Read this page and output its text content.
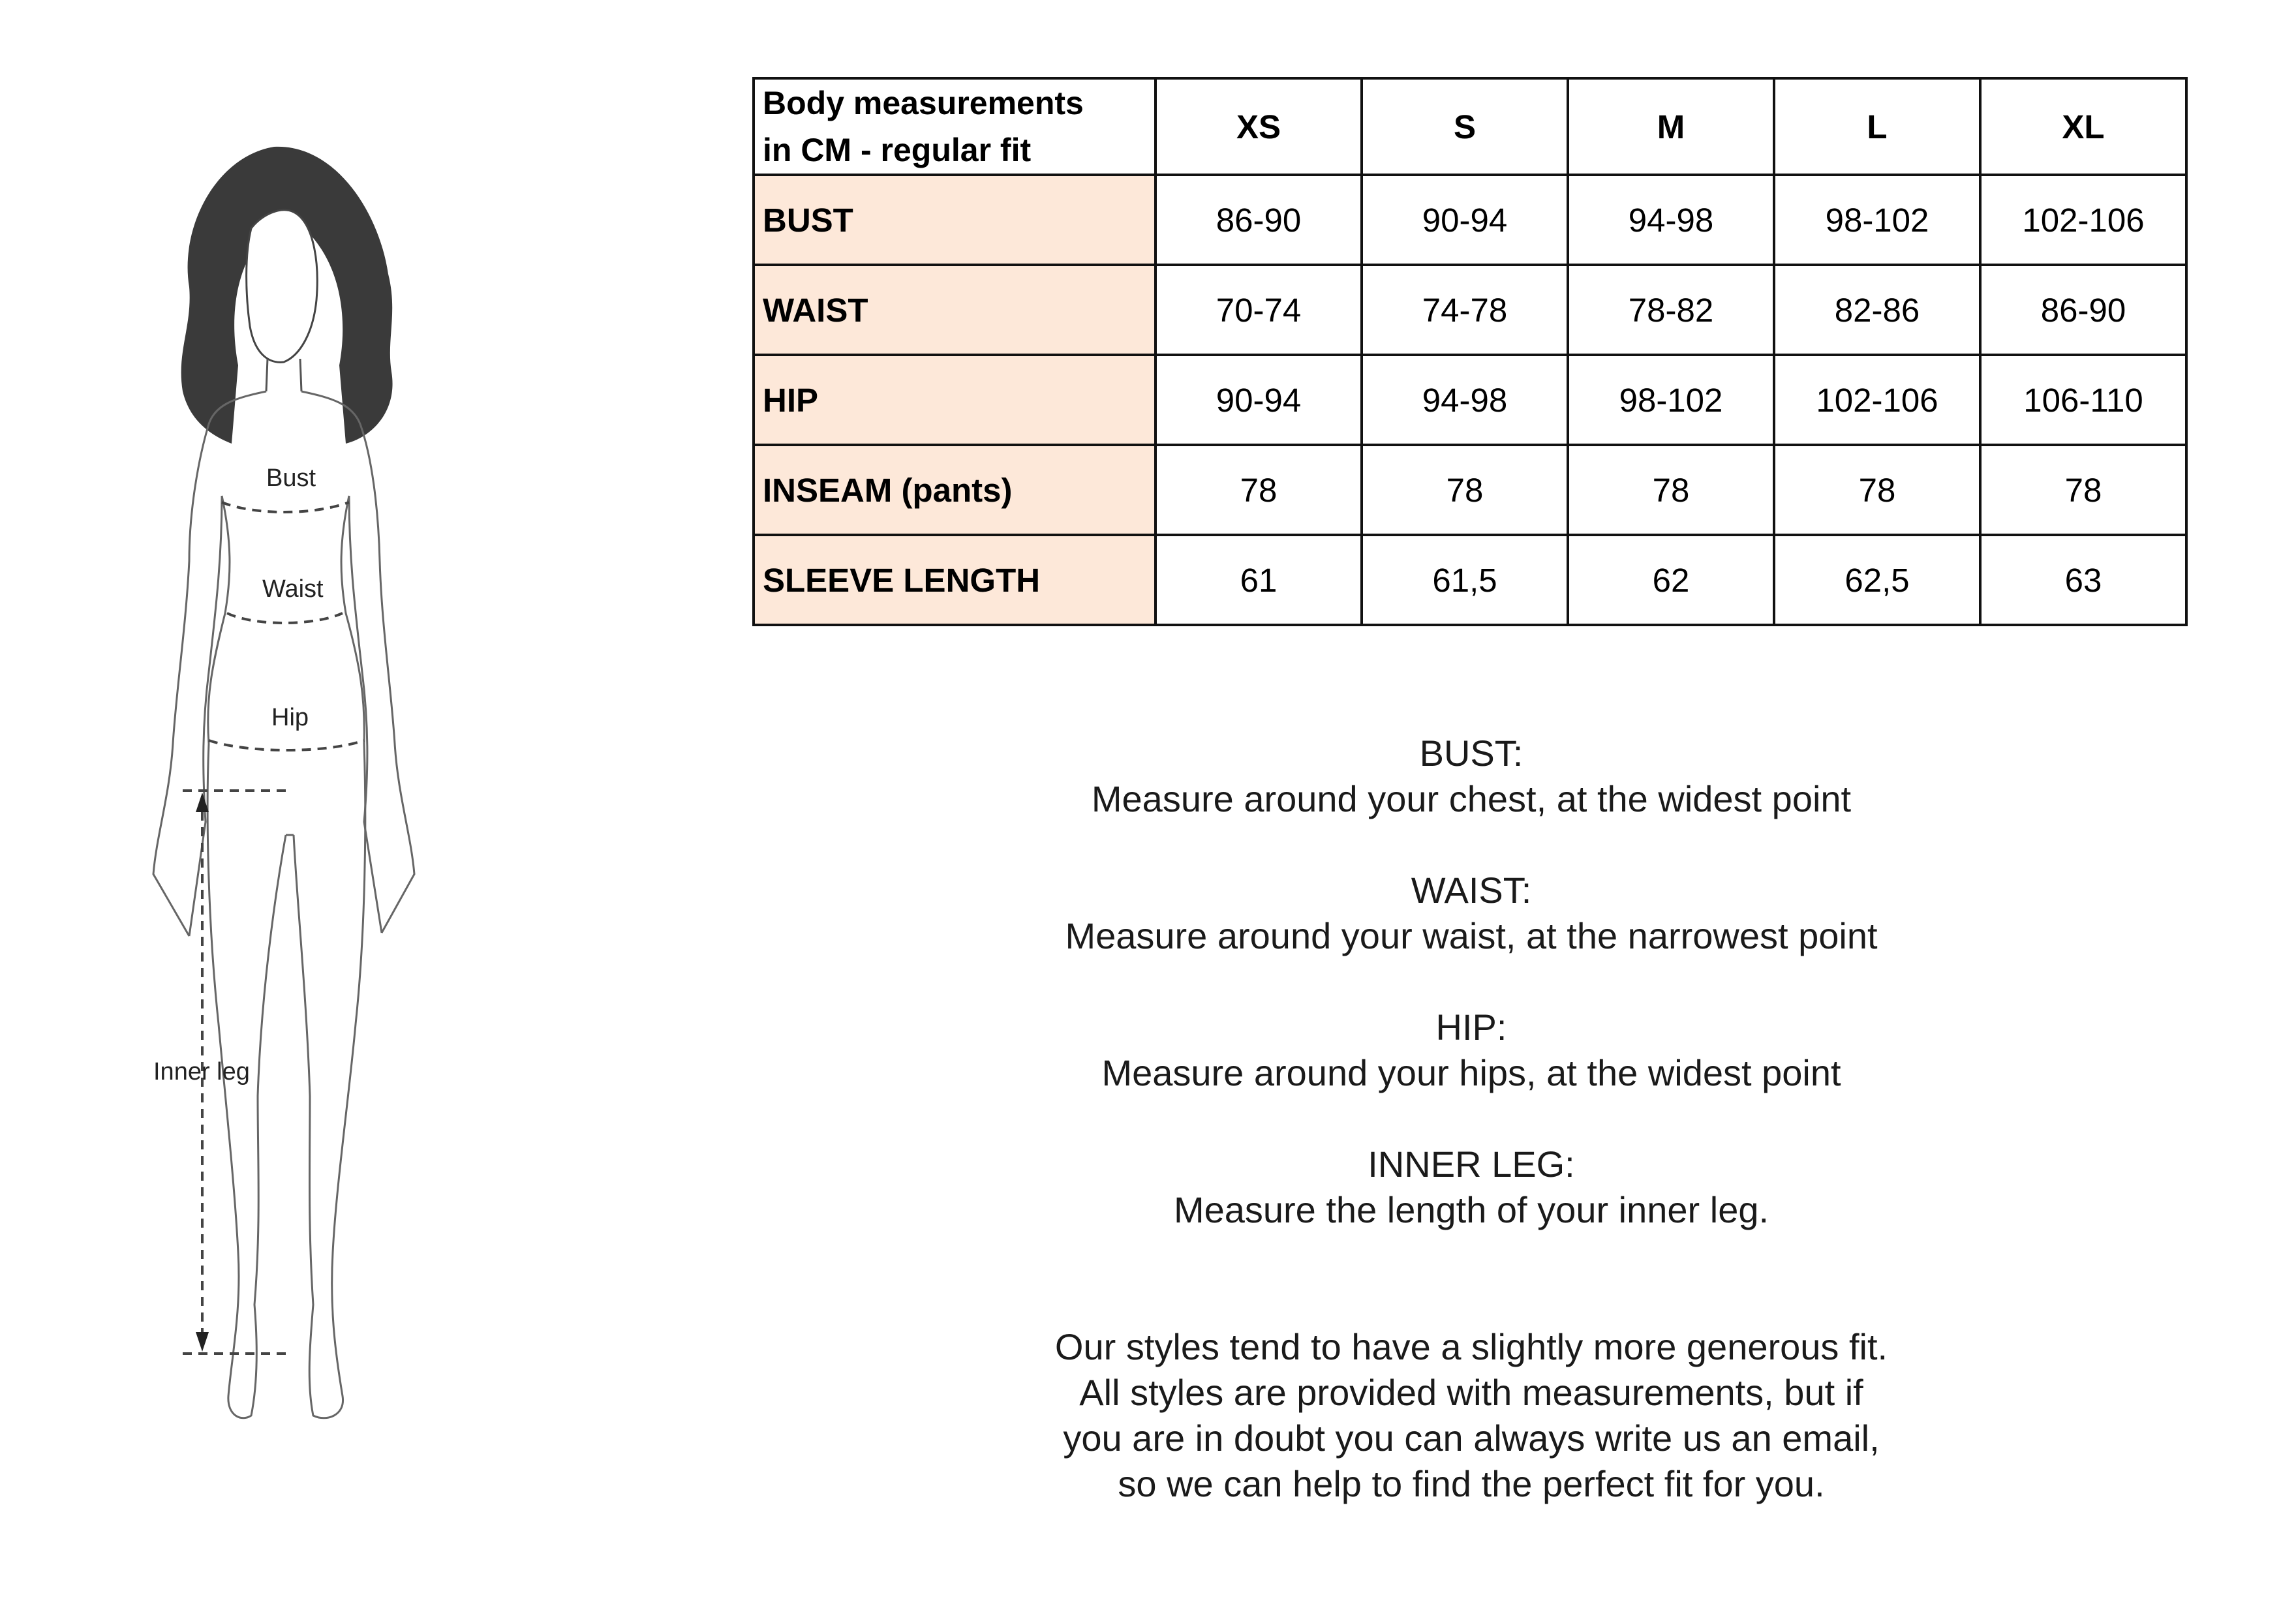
Bust
Waist
Hip
Inner leg
Body measurements
in CM - regular fit	XS	S	M	L	XL
BUST	86-90	90-94	94-98	98-102	102-106
WAIST	70-74	74-78	78-82	82-86	86-90
HIP	90-94	94-98	98-102	102-106	106-110
INSEAM (pants)	78	78	78	78	78
SLEEVE LENGTH	61	61,5	62	62,5	63

BUST:

Measure around your chest, at the widest point

WAIST:

Measure around your waist, at the narrowest point

HIP:

Measure around your hips, at the widest point

INNER LEG:

Measure the length of your inner leg.

Our styles tend to have a slightly more generous fit.

All styles are provided with measurements, but if

you are in doubt you can always write us an email,

so we can help to find the perfect fit for you.
